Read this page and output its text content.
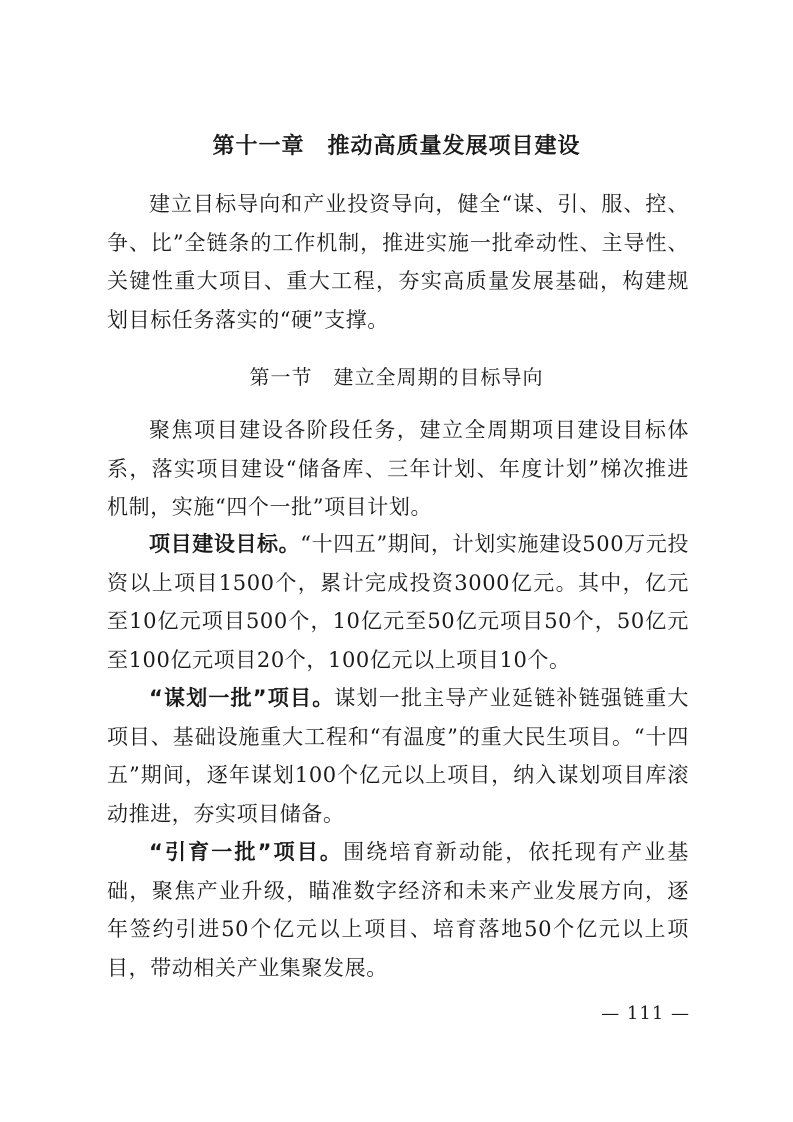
第十一章　推动高质量发展项目建设

建立目标导向和产业投资导向，健全“谋、引、服、控、争、比”全链条的工作机制，推进实施一批牵动性、主导性、关键性重大项目、重大工程，夯实高质量发展基础，构建规划目标任务落实的“硬”支撑。

第一节　建立全周期的目标导向

聚焦项目建设各阶段任务，建立全周期项目建设目标体系，落实项目建设“储备库、三年计划、年度计划”梯次推进机制，实施“四个一批”项目计划。

项目建设目标。“十四五”期间，计划实施建设500万元投资以上项目1500个，累计完成投资3000亿元。其中，亿元至10亿元项目500个，10亿元至50亿元项目50个，50亿元至100亿元项目20个，100亿元以上项目10个。

“谋划一批”项目。谋划一批主导产业延链补链强链重大项目、基础设施重大工程和“有温度”的重大民生项目。“十四五”期间，逐年谋划100个亿元以上项目，纳入谋划项目库滚动推进，夯实项目储备。

“引育一批”项目。围绕培育新动能，依托现有产业基础，聚焦产业升级，瞄准数字经济和未来产业发展方向，逐年签约引进50个亿元以上项目、培育落地50个亿元以上项目，带动相关产业集聚发展。

— 111 —
